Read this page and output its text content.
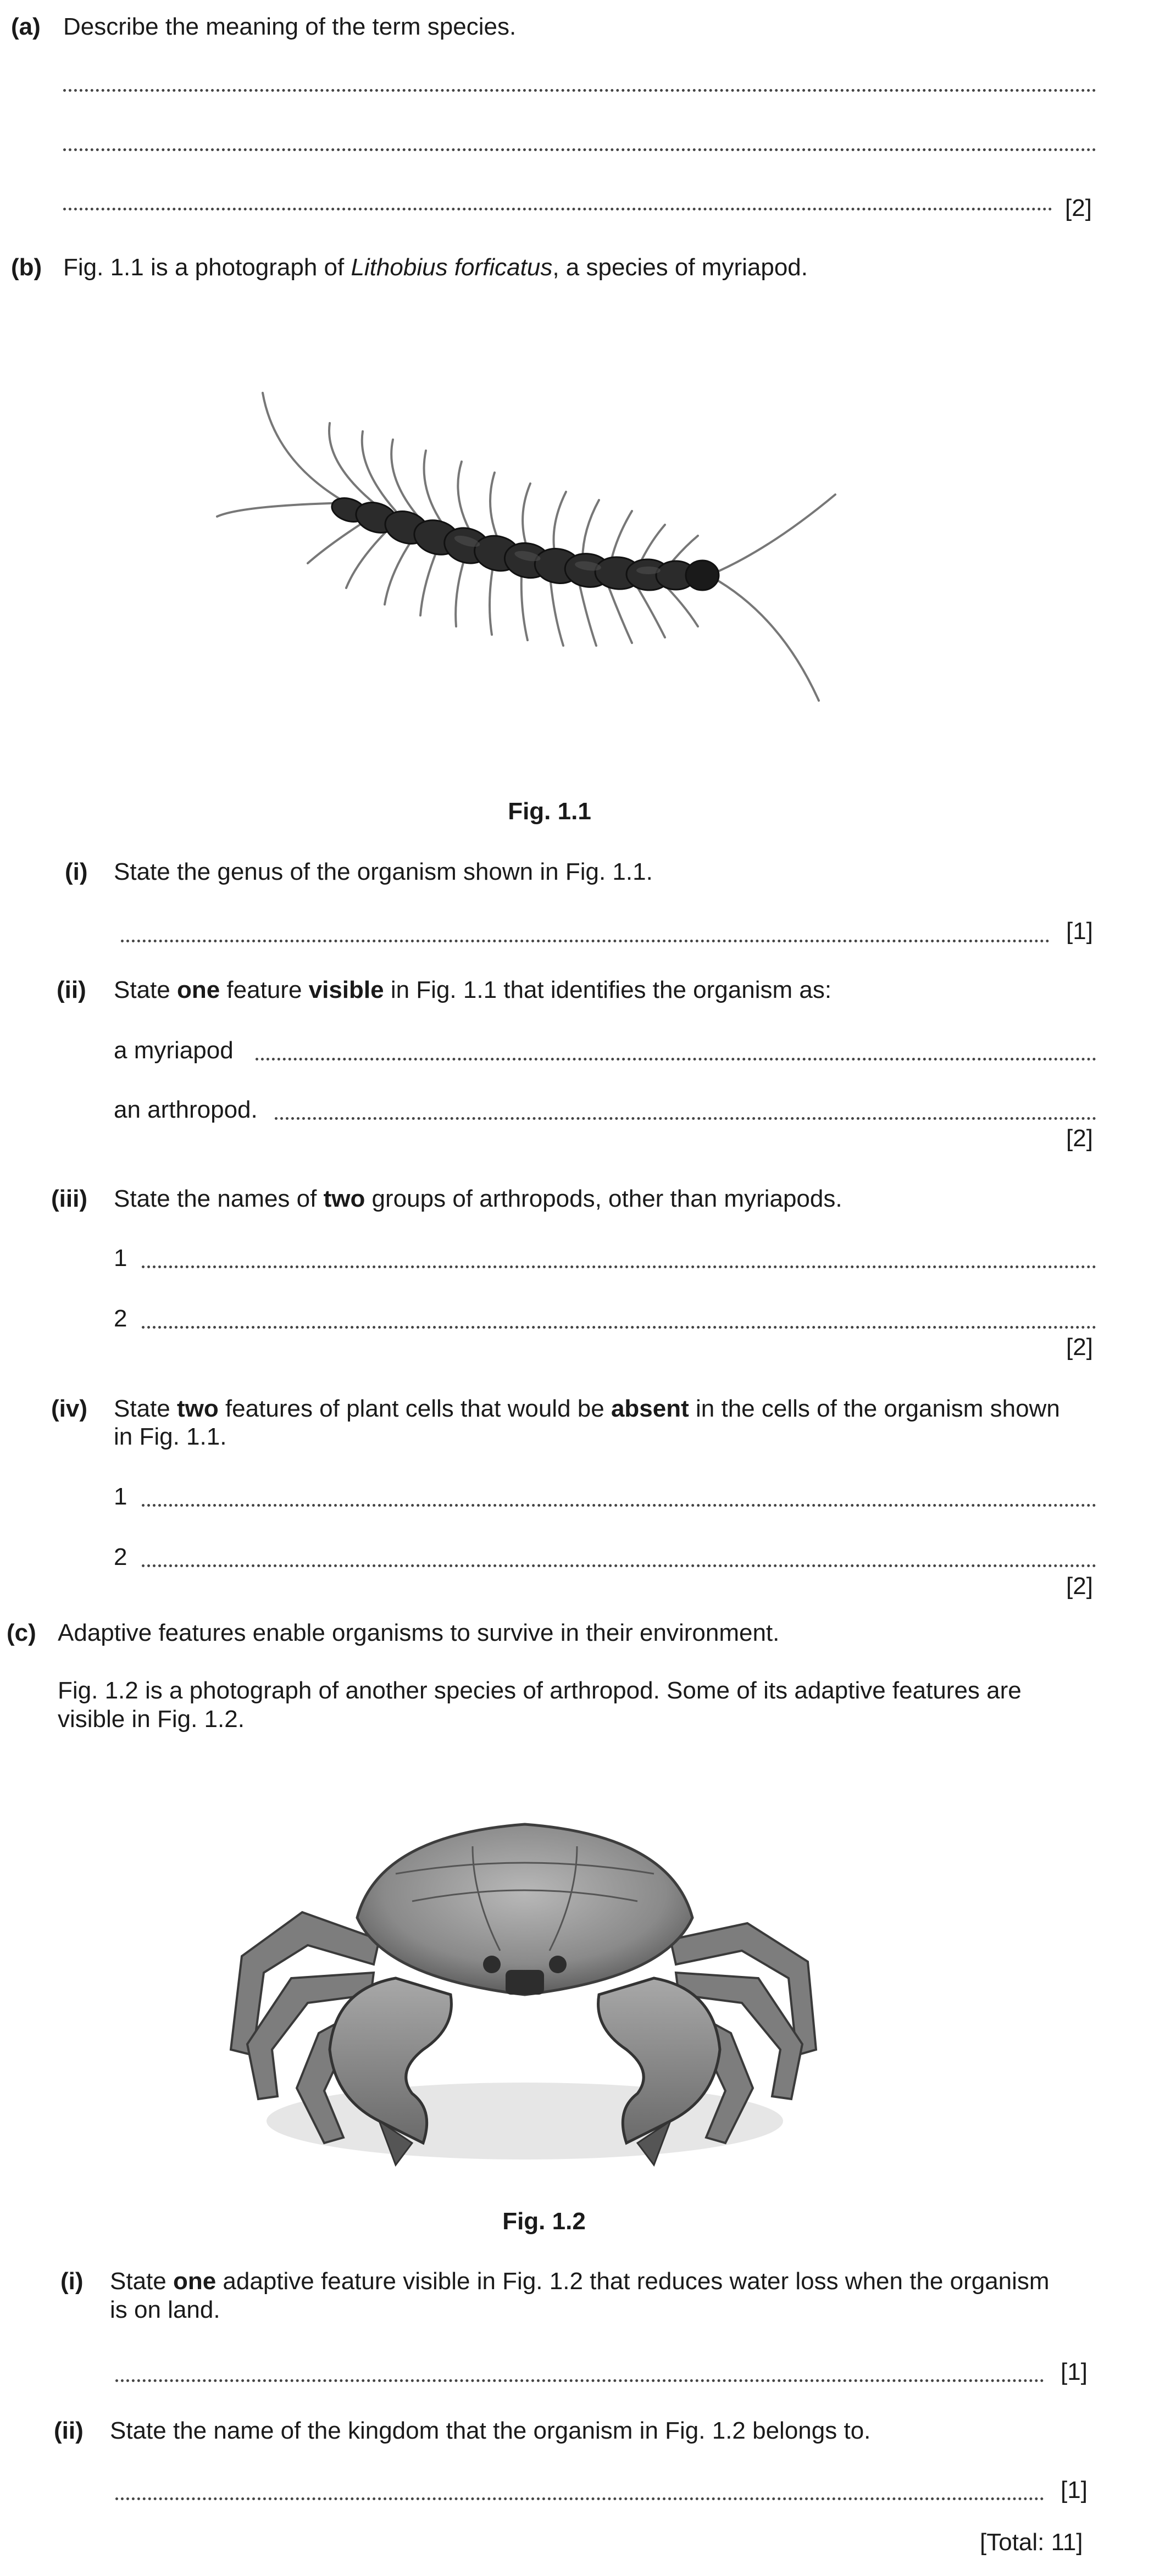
(a) Describe the meaning of the term species.
[2]
(b) Fig. 1.1 is a photograph of Lithobius forficatus, a species of myriapod.
Fig. 1.1
(i) State the genus of the organism shown in Fig. 1.1.
[1]
(ii) State one feature visible in Fig. 1.1 that identifies the organism as:
a myriapod
an arthropod.
[2]
(iii) State the names of two groups of arthropods, other than myriapods.
1
2
[2]
(iv) State two features of plant cells that would be absent in the cells of the organism shown
in Fig. 1.1.
1
2
[2]
(c) Adaptive features enable organisms to survive in their environment.
Fig. 1.2 is a photograph of another species of arthropod. Some of its adaptive features are
visible in Fig. 1.2.
Fig. 1.2
(i) State one adaptive feature visible in Fig. 1.2 that reduces water loss when the organism
is on land.
[1]
(ii) State the name of the kingdom that the organism in Fig. 1.2 belongs to.
[1]
[Total: 11]
